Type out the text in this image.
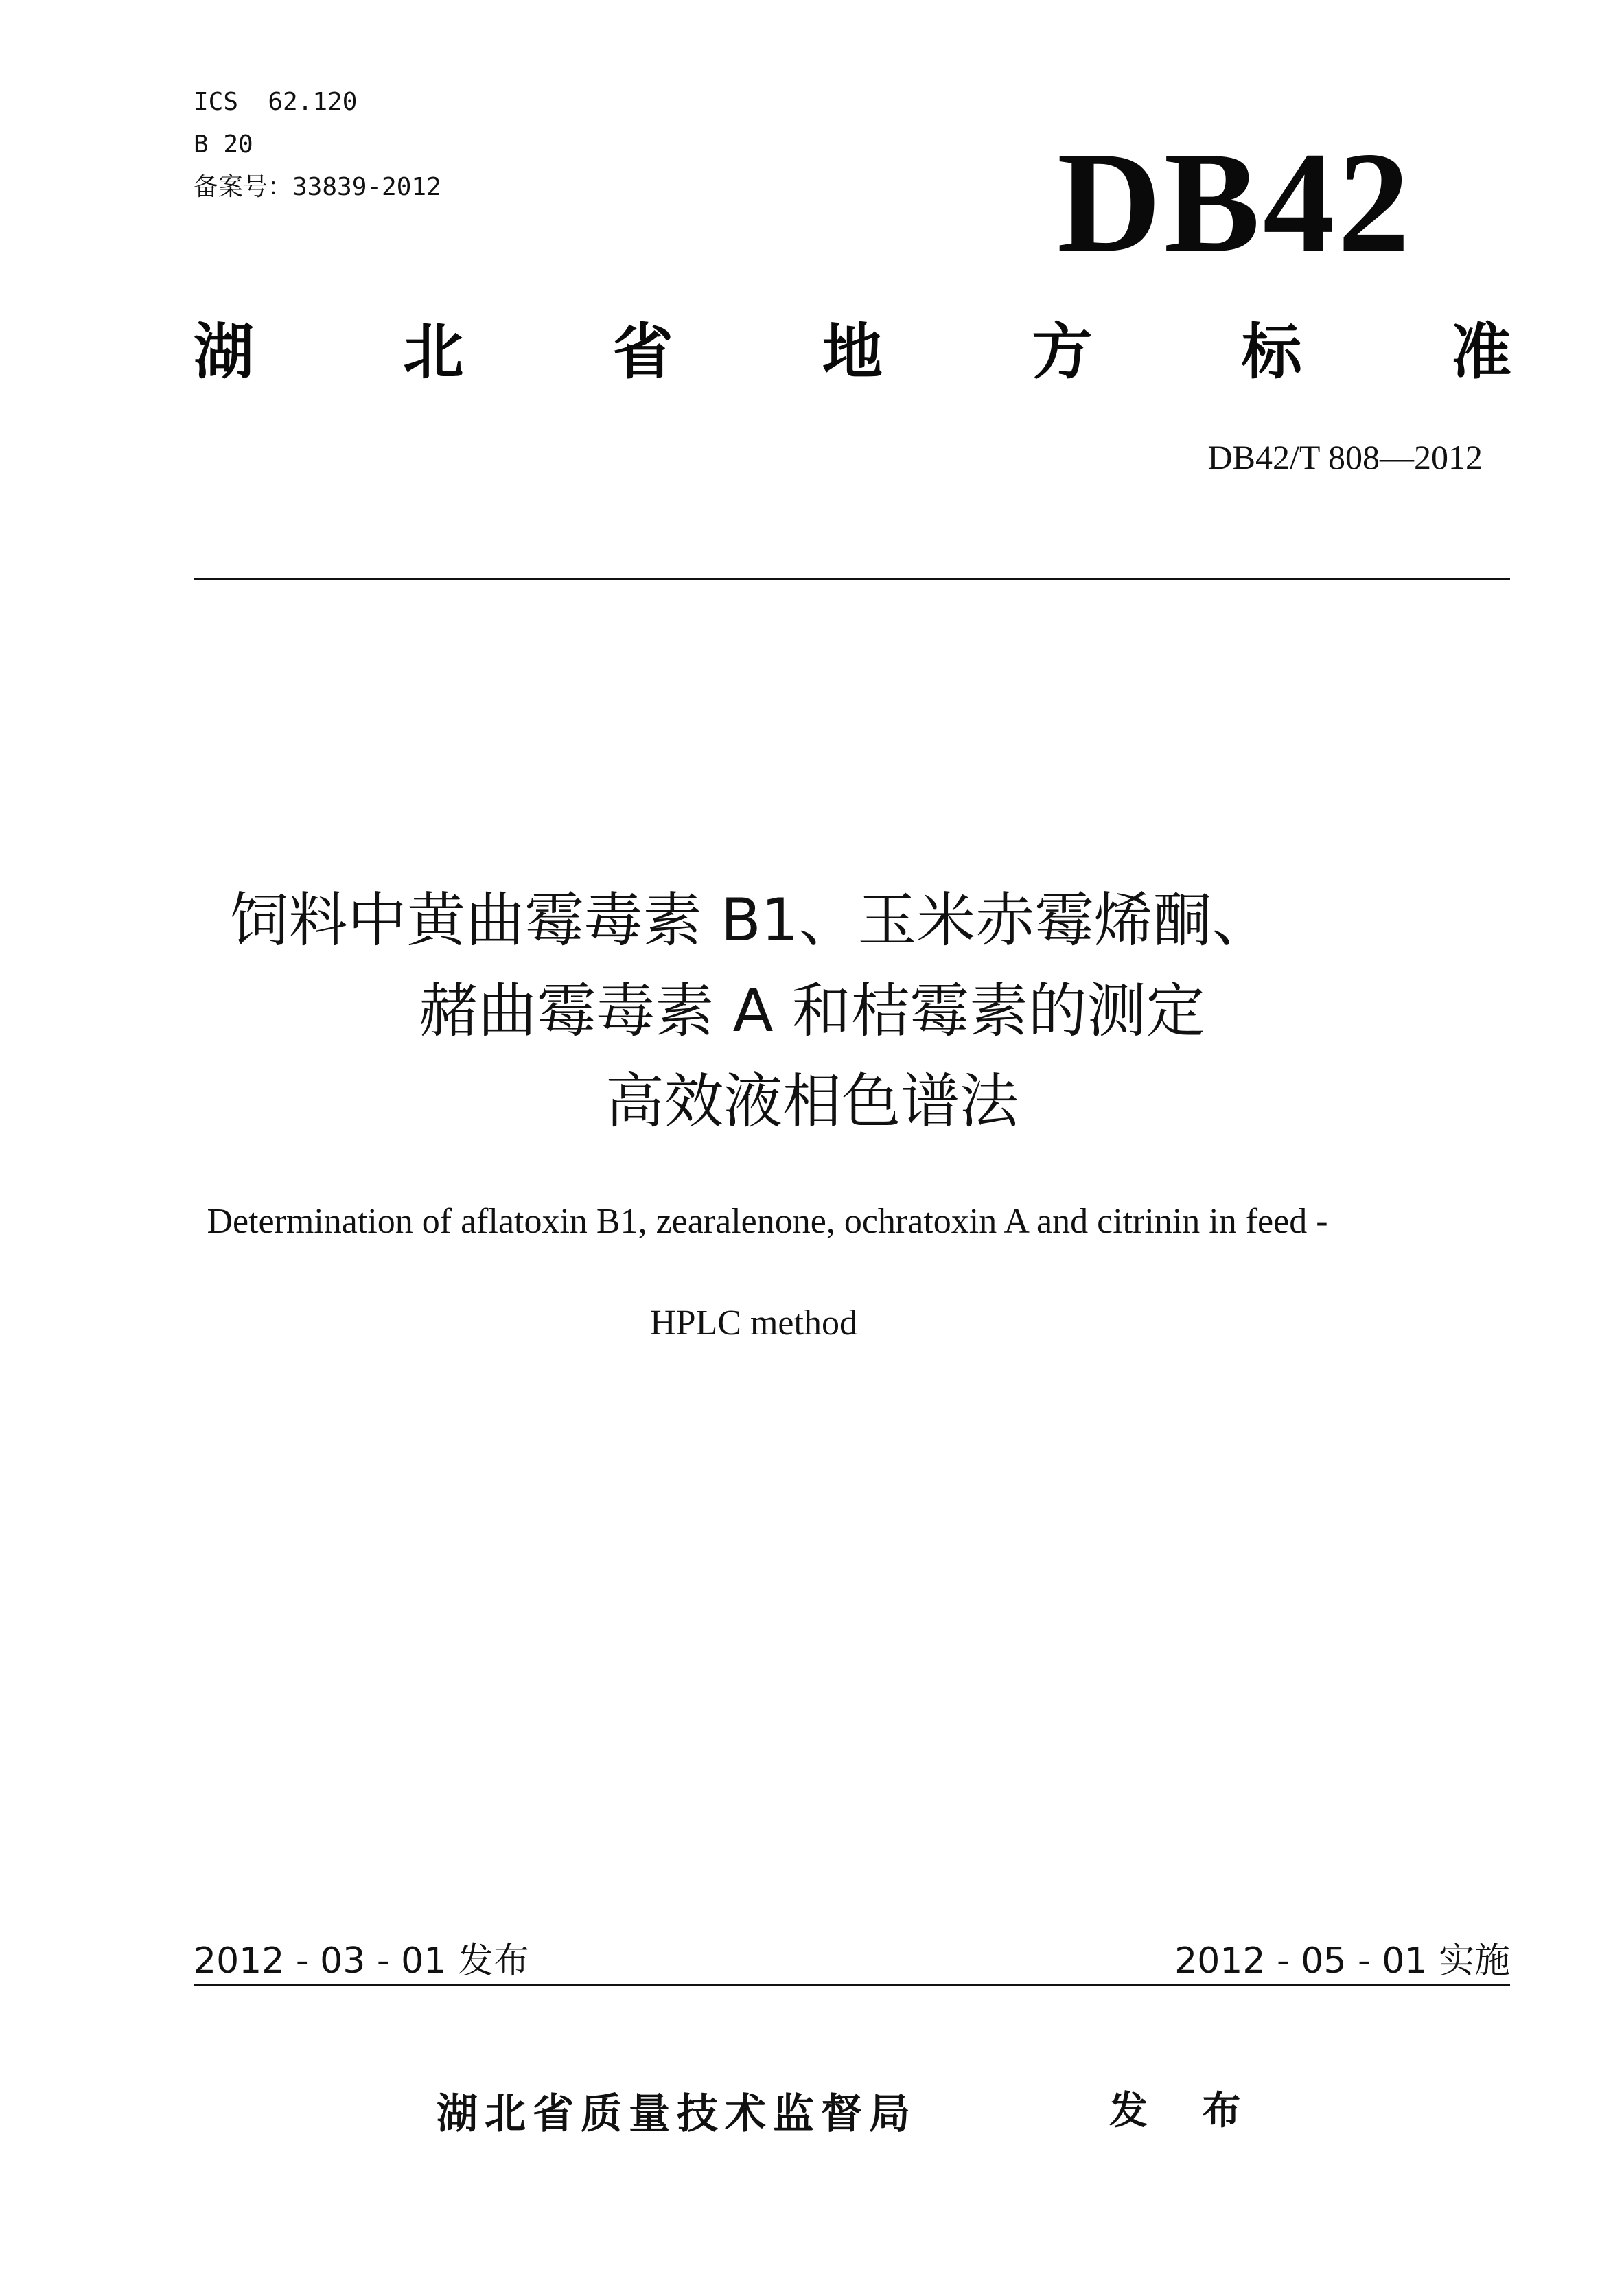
ICS  62.120
B 20
备案号：33839-2012	DB42
湖 北 省 地 方 标 准
DB42/T 808—2012
饲料中黄曲霉毒素 B1、玉米赤霉烯酮、
赭曲霉毒素 A 和桔霉素的测定
高效液相色谱法
Determination of aflatoxin B1, zearalenone, ochratoxin A and citrinin in feed -
HPLC method
2012 - 03 - 01 发布	2012 - 05 - 01 实施
湖北省质量技术监督局	发 布
